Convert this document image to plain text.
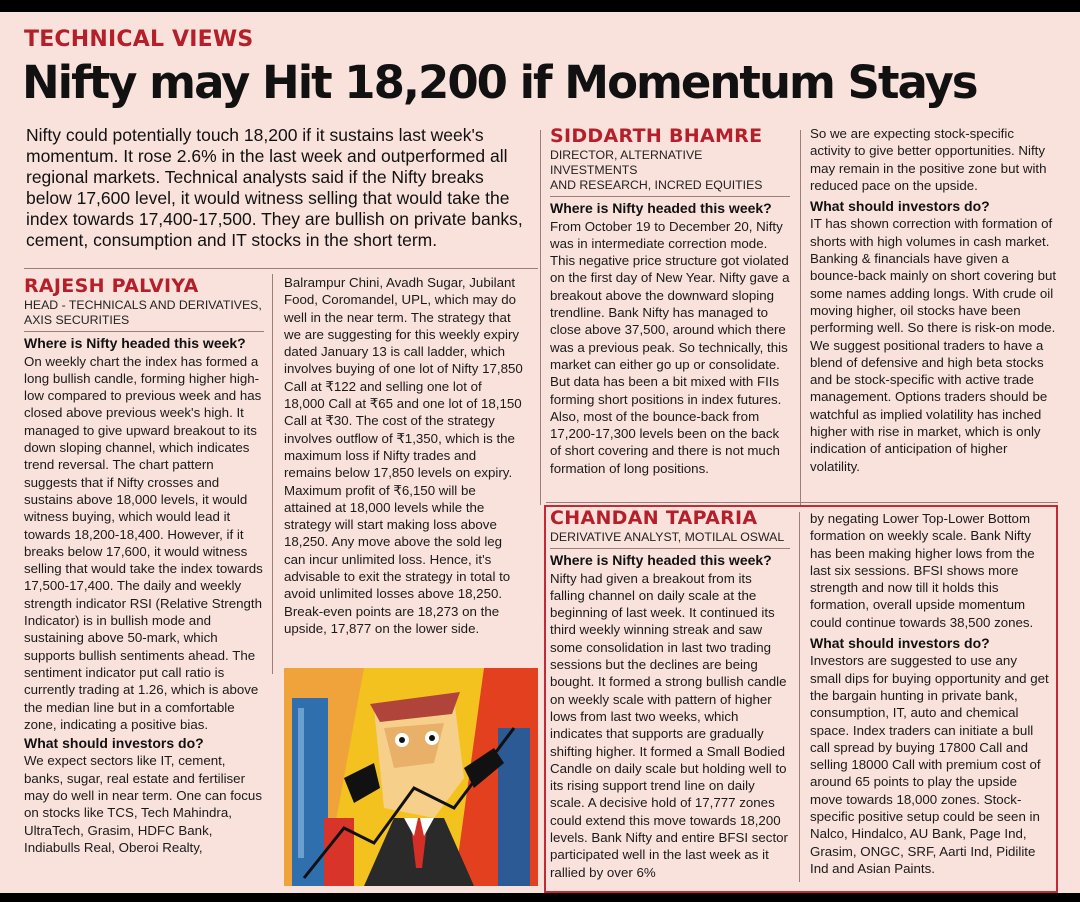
TECHNICAL VIEWS
Nifty may Hit 18,200 if Momentum Stays

Nifty could potentially touch 18,200 if it sustains last week's momentum. It rose 2.6% in the last week and outperformed all regional markets. Technical analysts said if the Nifty breaks below 17,600 level, it would witness selling that would take the index towards 17,400-17,500. They are bullish on private banks, cement, consumption and IT stocks in the short term.

RAJESH PALVIYA
HEAD - TECHNICALS AND DERIVATIVES,
AXIS SECURITIES
Where is Nifty headed this week?

On weekly chart the index has formed a long bullish candle, forming higher high-low compared to previous week and has closed above previous week's high. It managed to give upward breakout to its down sloping channel, which indicates trend reversal. The chart pattern suggests that if Nifty crosses and sustains above 18,000 levels, it would witness buying, which would lead it towards 18,200-18,400. However, if it breaks below 17,600, it would witness selling that would take the index towards 17,500-17,400. The daily and weekly strength indicator RSI (Relative Strength Indicator) is in bullish mode and sustaining above 50-mark, which supports bullish sentiments ahead. The sentiment indicator put call ratio is currently trading at 1.26, which is above the median line but in a comfortable zone, indicating a positive bias.

What should investors do?

We expect sectors like IT, cement, banks, sugar, real estate and fertiliser may do well in near term. One can focus on stocks like TCS, Tech Mahindra, UltraTech, Grasim, HDFC Bank, Indiabulls Real, Oberoi Realty,

Balrampur Chini, Avadh Sugar, Jubilant Food, Coromandel, UPL, which may do well in the near term. The strategy that we are suggesting for this weekly expiry dated January 13 is call ladder, which involves buying of one lot of Nifty 17,850 Call at ₹122 and selling one lot of 18,000 Call at ₹65 and one lot of 18,150 Call at ₹30. The cost of the strategy involves outflow of ₹1,350, which is the maximum loss if Nifty trades and remains below 17,850 levels on expiry. Maximum profit of ₹6,150 will be attained at 18,000 levels while the strategy will start making loss above 18,250. Any move above the sold leg can incur unlimited loss. Hence, it's advisable to exit the strategy in total to avoid unlimited losses above 18,250. Break-even points are 18,273 on the upside, 17,877 on the lower side.

SIDDARTH BHAMRE
DIRECTOR, ALTERNATIVE INVESTMENTS
AND RESEARCH, INCRED EQUITIES
Where is Nifty headed this week?

From October 19 to December 20, Nifty was in intermediate correction mode. This negative price structure got violated on the first day of New Year. Nifty gave a breakout above the downward sloping trendline. Bank Nifty has managed to close above 37,500, around which there was a previous peak. So technically, this market can either go up or consolidate. But data has been a bit mixed with FIIs forming short positions in index futures. Also, most of the bounce-back from 17,200-17,300 levels been on the back of short covering and there is not much formation of long positions.

So we are expecting stock-specific activity to give better opportunities. Nifty may remain in the positive zone but with reduced pace on the upside.

What should investors do?

IT has shown correction with formation of shorts with high volumes in cash market. Banking & financials have given a bounce-back mainly on short covering but some names adding longs. With crude oil moving higher, oil stocks have been performing well. So there is risk-on mode. We suggest positional traders to have a blend of defensive and high beta stocks and be stock-specific with active trade management. Options traders should be watchful as implied volatility has inched higher with rise in market, which is only indication of anticipation of higher volatility.

CHANDAN TAPARIA
DERIVATIVE ANALYST, MOTILAL OSWAL
Where is Nifty headed this week?

Nifty had given a breakout from its falling channel on daily scale at the beginning of last week. It continued its third weekly winning streak and saw some consolidation in last two trading sessions but the declines are being bought. It formed a strong bullish candle on weekly scale with pattern of higher lows from last two weeks, which indicates that supports are gradually shifting higher. It formed a Small Bodied Candle on daily scale but holding well to its rising support trend line on daily scale. A decisive hold of 17,777 zones could extend this move towards 18,200 levels. Bank Nifty and entire BFSI sector participated well in the last week as it rallied by over 6%

by negating Lower Top-Lower Bottom formation on weekly scale. Bank Nifty has been making higher lows from the last six sessions. BFSI shows more strength and now till it holds this formation, overall upside momentum could continue towards 38,500 zones.

What should investors do?

Investors are suggested to use any small dips for buying opportunity and get the bargain hunting in private bank, consumption, IT, auto and chemical space. Index traders can initiate a bull call spread by buying 17800 Call and selling 18000 Call with premium cost of around 65 points to play the upside move towards 18,000 zones. Stock-specific positive setup could be seen in Nalco, Hindalco, AU Bank, Page Ind, Grasim, ONGC, SRF, Aarti Ind, Pidilite Ind and Asian Paints.
